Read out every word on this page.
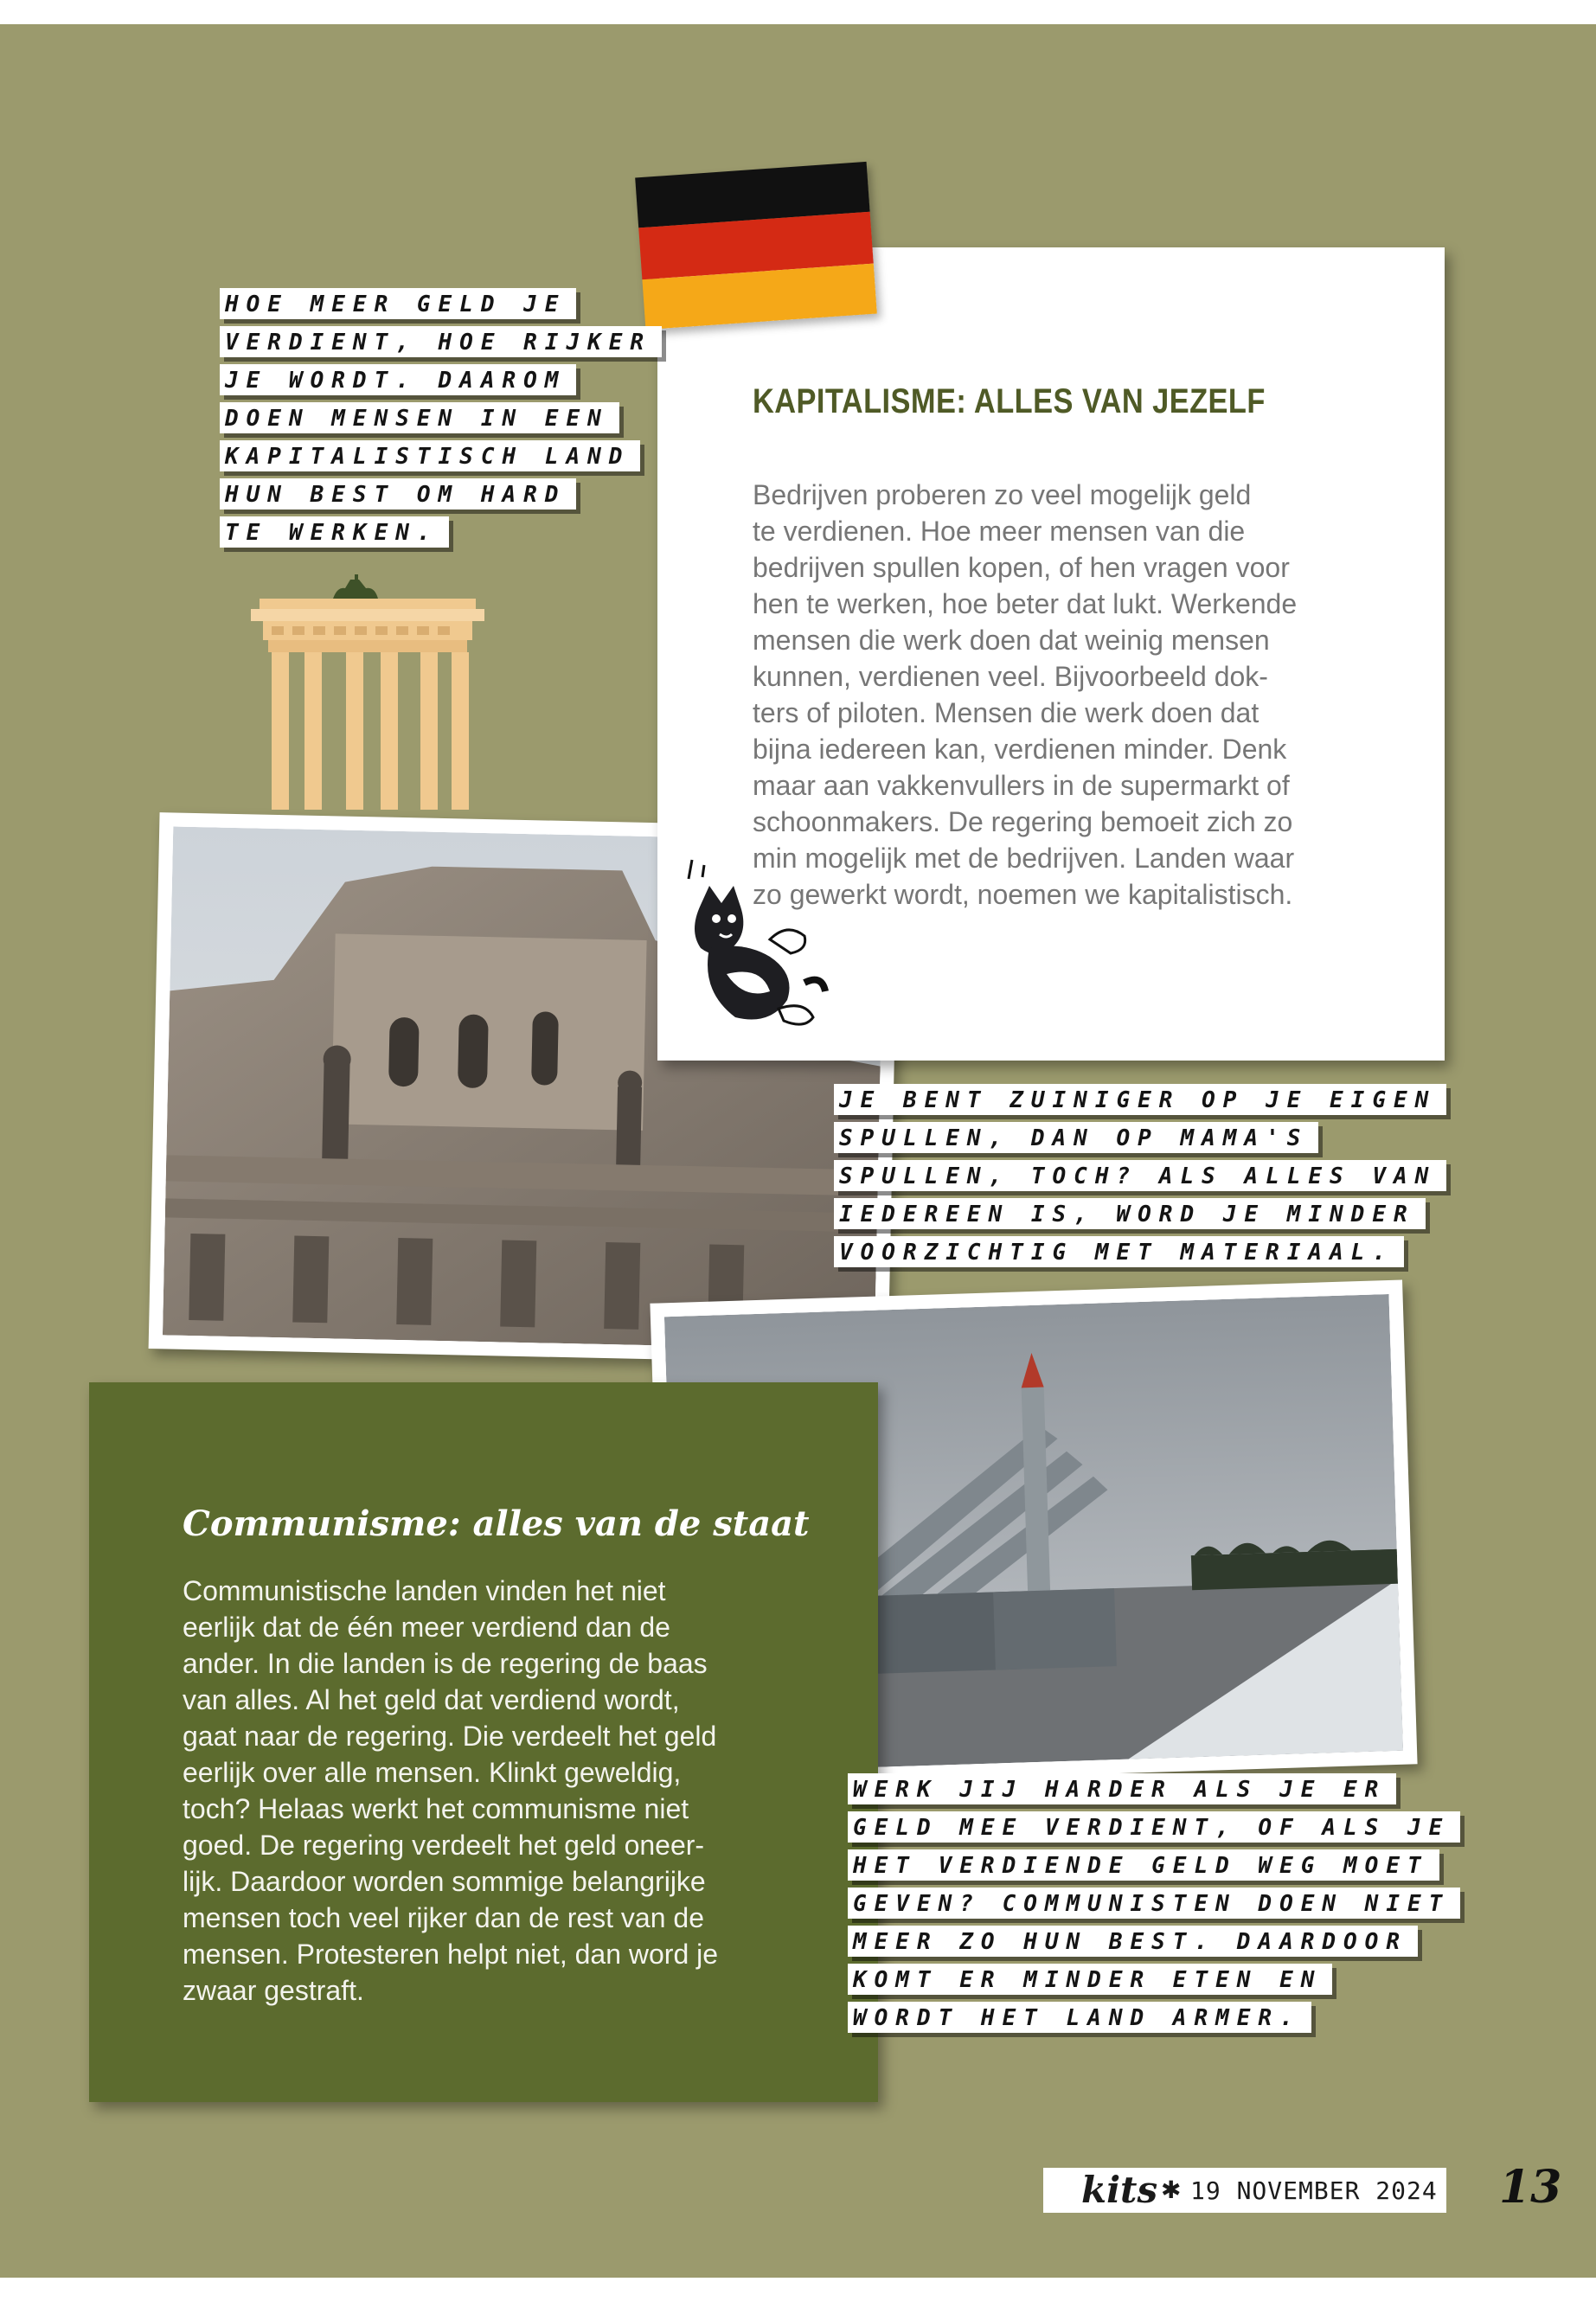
KAPITALISME: ALLES VAN JEZELF
Bedrijven proberen zo veel mogelijk geld
te verdienen. Hoe meer mensen van die
bedrijven spullen kopen, of hen vragen voor
hen te werken, hoe beter dat lukt. Werkende
mensen die werk doen dat weinig mensen
kunnen, verdienen veel. Bijvoorbeeld dok-
ters of piloten. Mensen die werk doen dat
bijna iedereen kan, verdienen minder. Denk
maar aan vakkenvullers in de supermarkt of
schoonmakers. De regering bemoeit zich zo
min mogelijk met de bedrijven. Landen waar
zo gewerkt wordt, noemen we kapitalistisch.
Communisme: alles van de staat
Communistische landen vinden het niet
eerlijk dat de één meer verdiend dan de
ander. In die landen is de regering de baas
van alles. Al het geld dat verdiend wordt,
gaat naar de regering. Die verdeelt het geld
eerlijk over alle mensen. Klinkt geweldig,
toch? Helaas werkt het communisme niet
goed. De regering verdeelt het geld oneer-
lijk. Daardoor worden sommige belangrijke
mensen toch veel rijker dan de rest van de
mensen. Protesteren helpt niet, dan word je
zwaar gestraft.
HOE MEER GELD JE
VERDIENT, HOE RIJKER
JE WORDT. DAAROM
DOEN MENSEN IN EEN
KAPITALISTISCH LAND
HUN BEST OM HARD
TE WERKEN.
JE BENT ZUINIGER OP JE EIGEN
SPULLEN, DAN OP MAMA'S
SPULLEN, TOCH? ALS ALLES VAN
IEDEREEN IS, WORD JE MINDER
VOORZICHTIG MET MATERIAAL.
WERK JIJ HARDER ALS JE ER
GELD MEE VERDIENT, OF ALS JE
HET VERDIENDE GELD WEG MOET
GEVEN? COMMUNISTEN DOEN NIET
MEER ZO HUN BEST. DAARDOOR
KOMT ER MINDER ETEN EN
WORDT HET LAND ARMER.
kits ✱ 19 NOVEMBER 2024 13
